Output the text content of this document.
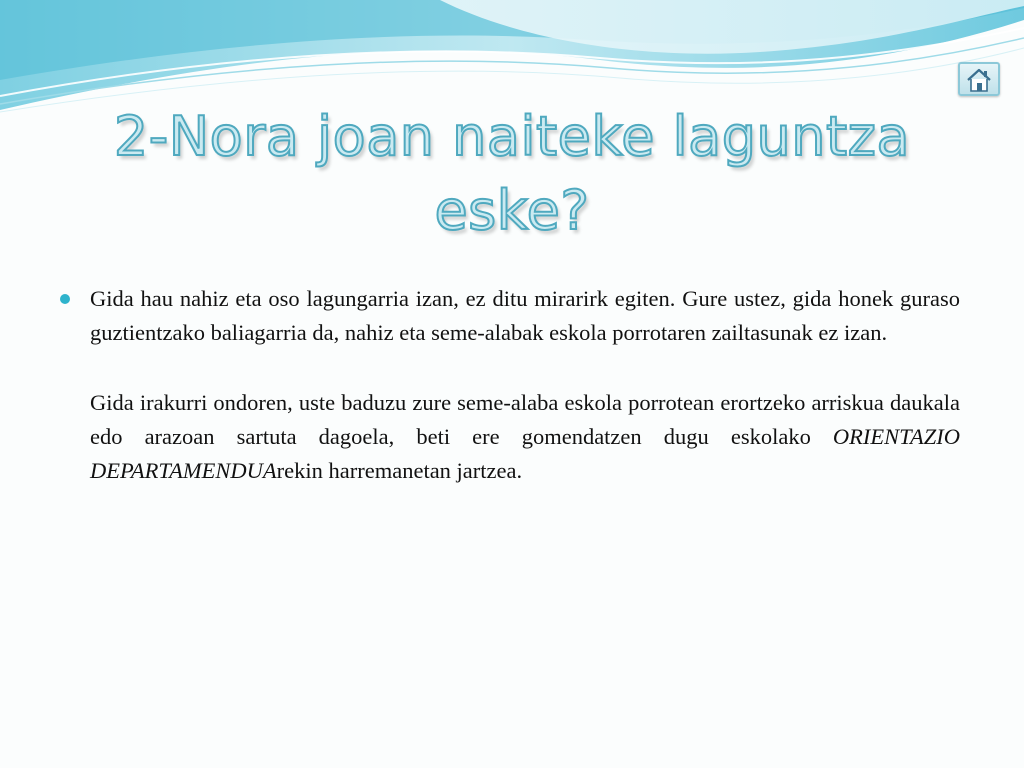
2-Nora joan naiteke laguntza eske?

Gida hau nahiz eta oso lagungarria izan, ez ditu mirarirk egiten. Gure ustez, gida honek guraso guztientzako baliagarria da, nahiz eta seme-alabak eskola porrotaren zailtasunak ez izan.

Gida irakurri ondoren, uste baduzu zure seme-alaba eskola porrotean erortzeko arriskua daukala edo arazoan sartuta dagoela, beti ere gomendatzen dugu eskolako ORIENTAZIO DEPARTAMENDUArekin harremanetan jartzea.
